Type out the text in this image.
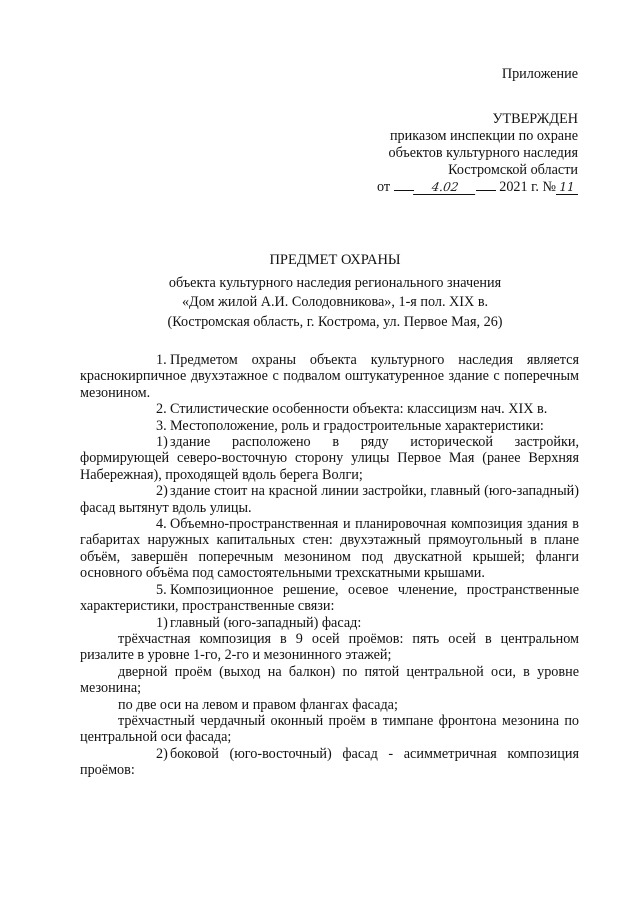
Приложение
УТВЕРЖДЕН
приказом инспекции по охране
объектов культурного наследия
Костромской области
от	4.02	2021 г. № 11
ПРЕДМЕТ ОХРАНЫ
объекта культурного наследия регионального значения
«Дом жилой А.И. Солодовникова», 1-я пол. XIX в.
(Костромская область, г. Кострома, ул. Первое Мая, 26)
1. Предметом охраны объекта культурного наследия является краснокирпичное двухэтажное с подвалом оштукатуренное здание с поперечным мезонином.
2. Стилистические особенности объекта: классицизм нач. XIX в.
3. Местоположение, роль и градостроительные характеристики:
1) здание расположено в ряду исторической застройки, формирующей северо-восточную сторону улицы Первое Мая (ранее Верхняя Набережная), проходящей вдоль берега Волги;
2) здание стоит на красной линии застройки, главный (юго-западный) фасад вытянут вдоль улицы.
4. Объемно-пространственная и планировочная композиция здания в габаритах наружных капитальных стен: двухэтажный прямоугольный в плане объём, завершён поперечным мезонином под двускатной крышей; фланги основного объёма под самостоятельными трехскатными крышами.
5. Композиционное решение, осевое членение, пространственные характеристики, пространственные связи:
1) главный (юго-западный) фасад:
трёхчастная композиция в 9 осей проёмов: пять осей в центральном ризалите в уровне 1-го, 2-го и мезонинного этажей;
дверной проём (выход на балкон) по пятой центральной оси, в уровне мезонина;
по две оси на левом и правом флангах фасада;
трёхчастный чердачный оконный проём в тимпане фронтона мезонина по центральной оси фасада;
2) боковой (юго-восточный) фасад - асимметричная композиция проёмов:
